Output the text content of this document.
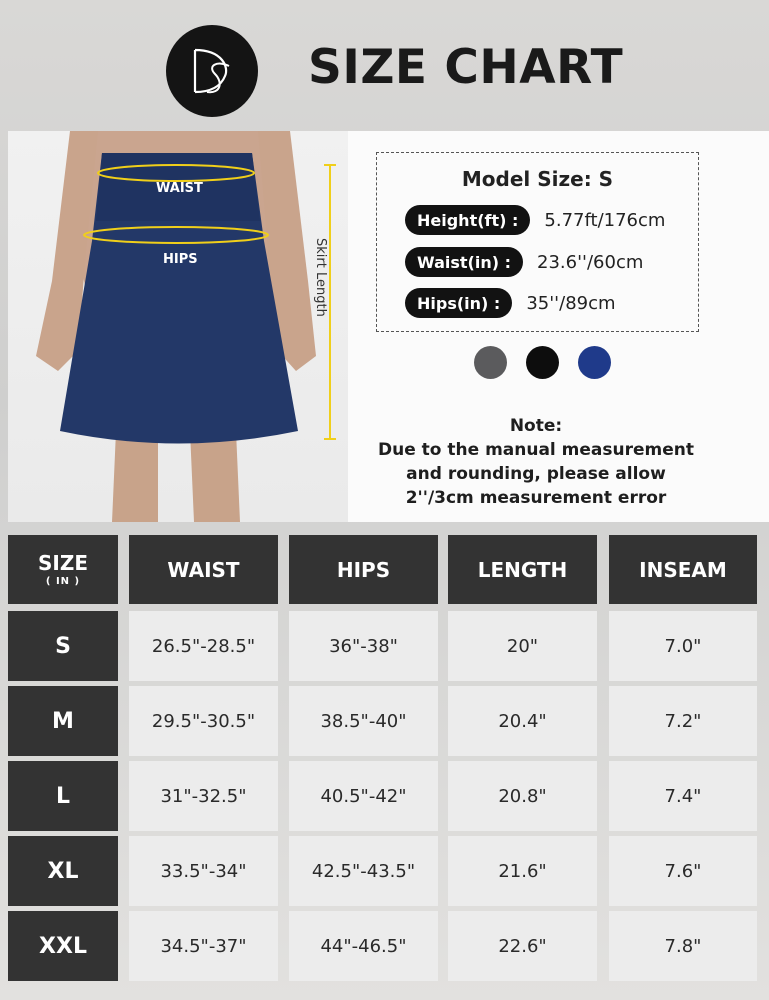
SIZE CHART
WAIST
HIPS	Skirt Length
Model Size: S
Height(ft) :	5.77ft/176cm
Waist(in) :	23.6''/60cm
Hips(in) :	35''/89cm
Note:
Due to the manual measurement
and rounding, please allow
2''/3cm measurement error
SIZE
( IN )	WAIST	HIPS	LENGTH	INSEAM
S	26.5"-28.5"	36"-38"	20"	7.0"
M	29.5"-30.5"	38.5"-40"	20.4"	7.2"
L	31"-32.5"	40.5"-42"	20.8"	7.4"
XL	33.5"-34"	42.5"-43.5"	21.6"	7.6"
XXL	34.5"-37"	44"-46.5"	22.6"	7.8"
